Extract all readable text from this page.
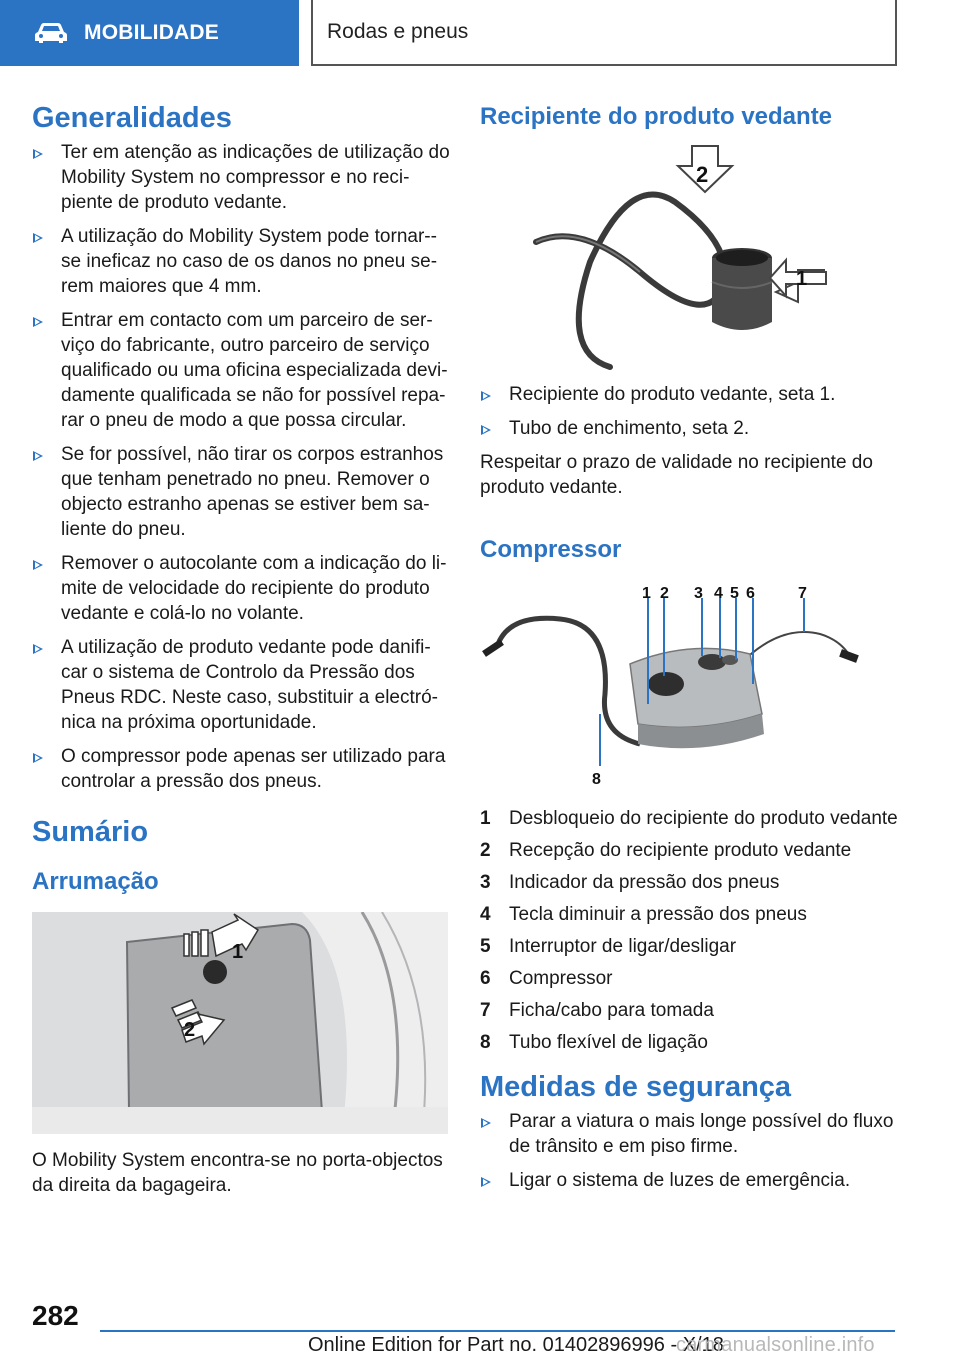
MOBILIDADE	Rodas e pneus
Generalidades
Ter em atenção as indicações de utilização do Mobility System no compressor e no recipiente de produto vedante.
A utilização do Mobility System pode tornar--se ineficaz no caso de os danos no pneu serem maiores que 4 mm.
Entrar em contacto com um parceiro de serviço do fabricante, outro parceiro de serviço qualificado ou uma oficina especializada devidamente qualificada se não for possível reparar o pneu de modo a que possa circular.
Se for possível, não tirar os corpos estranhos que tenham penetrado no pneu. Remover o objecto estranho apenas se estiver bem saliente do pneu.
Remover o autocolante com a indicação do limite de velocidade do recipiente do produto vedante e colá-lo no volante.
A utilização de produto vedante pode danificar o sistema de Controlo da Pressão dos Pneus RDC. Neste caso, substituir a electrónica na próxima oportunidade.
O compressor pode apenas ser utilizado para controlar a pressão dos pneus.
Sumário
Arrumação
1
2

O Mobility System encontra-se no porta-objectos da direita da bagageira.

Recipiente do produto vedante
2
1
Recipiente do produto vedante, seta 1.
Tubo de enchimento, seta 2.

Respeitar o prazo de validade no recipiente do produto vedante.

Compressor
1 2 3 4 5 6	7
8
1 Desbloqueio do recipiente do produto vedante
2 Recepção do recipiente produto vedante
3 Indicador da pressão dos pneus
4 Tecla diminuir a pressão dos pneus
5 Interruptor de ligar/desligar
6 Compressor
7 Ficha/cabo para tomada
8 Tubo flexível de ligação
Medidas de segurança
Parar a viatura o mais longe possível do fluxo de trânsito e em piso firme.
Ligar o sistema de luzes de emergência.
282
Online Edition for Part no. 01402896996 - X/18
carmanualsonline.info
